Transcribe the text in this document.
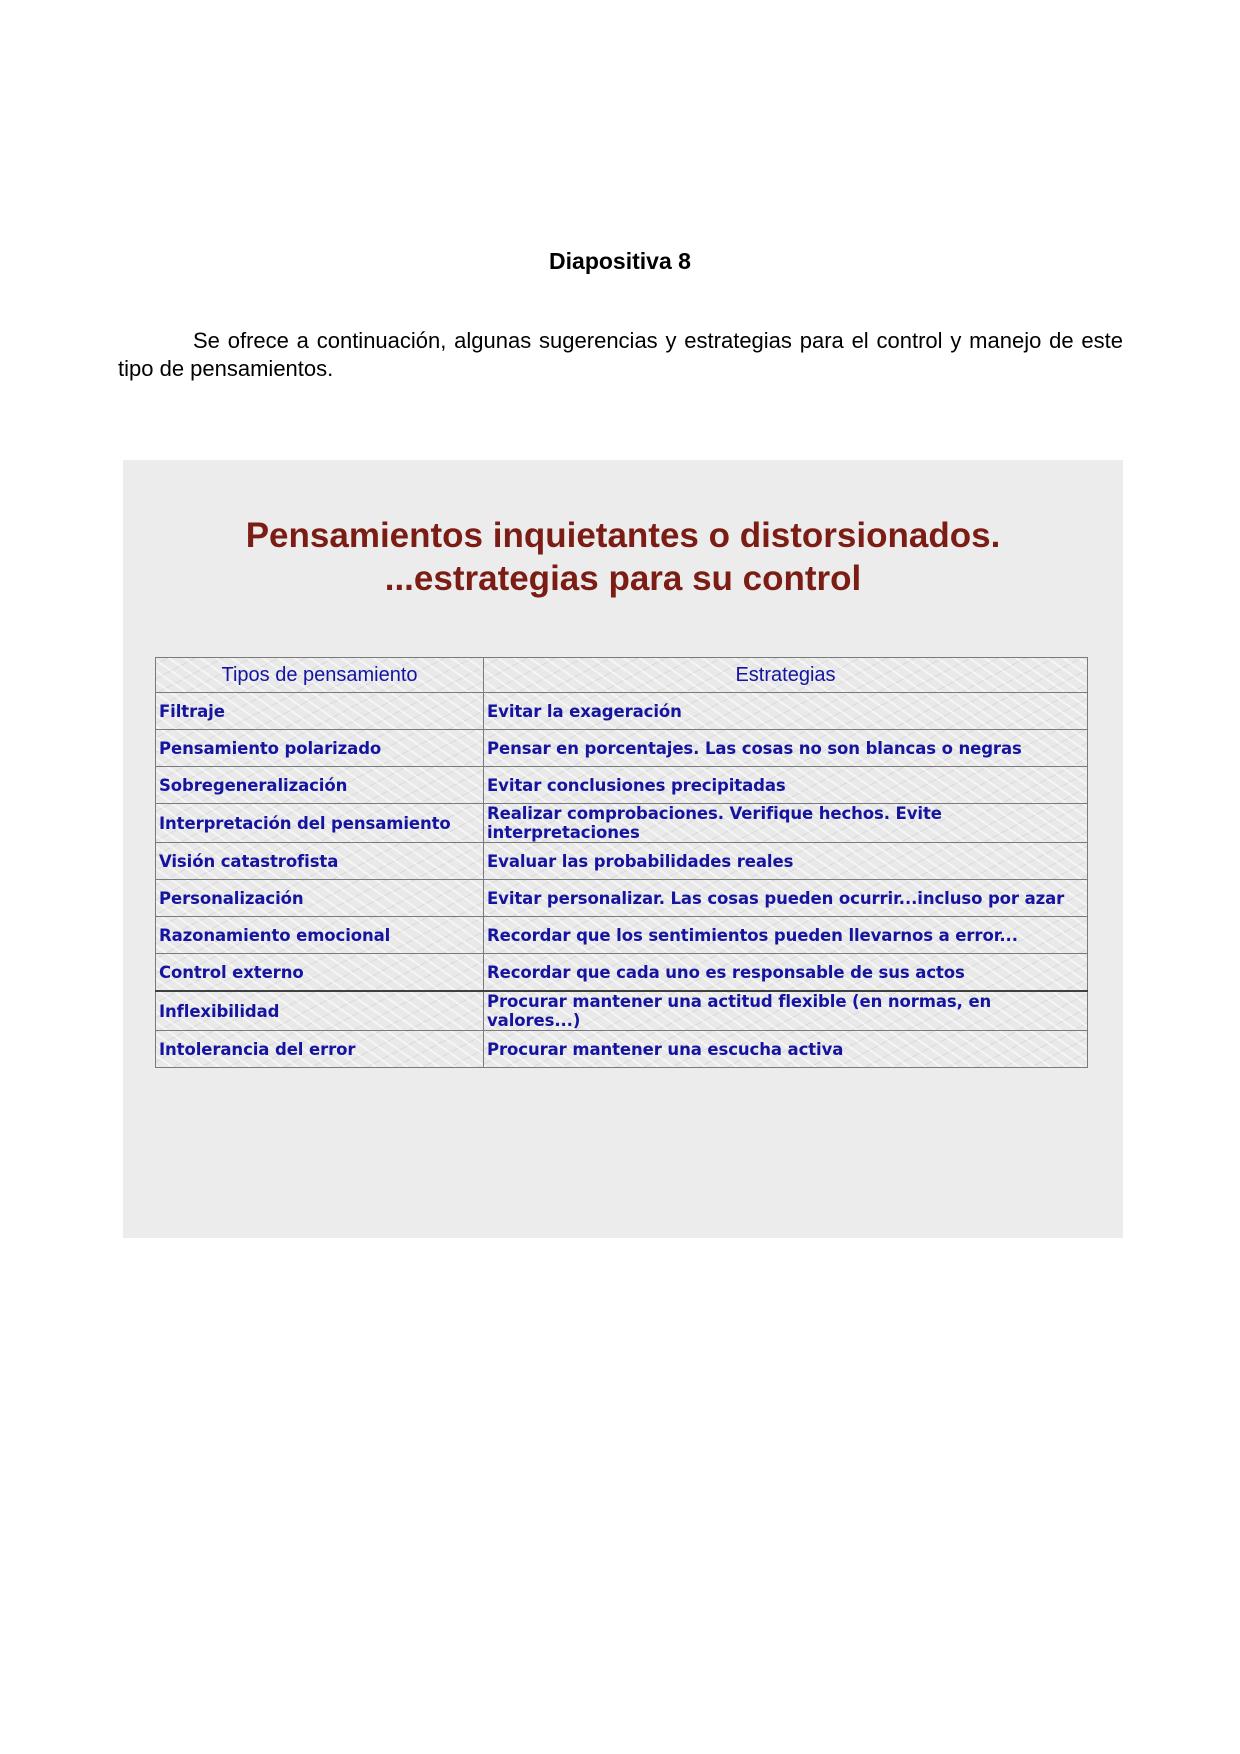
Diapositiva 8

Se ofrece a continuación, algunas sugerencias y estrategias para el control y manejo de este tipo de pensamientos.

Pensamientos inquietantes o distorsionados.
...estrategias para su control
Tipos de pensamiento	Estrategias
Filtraje	Evitar la exageración
Pensamiento polarizado	Pensar en porcentajes. Las cosas no son blancas o negras
Sobregeneralización	Evitar conclusiones precipitadas
Interpretación del pensamiento	Realizar comprobaciones. Verifique hechos. Evite interpretaciones
Visión catastrofista	Evaluar las probabilidades reales
Personalización	Evitar personalizar. Las cosas pueden ocurrir...incluso por azar
Razonamiento emocional	Recordar que los sentimientos pueden llevarnos a error...
Control externo	Recordar que cada uno es responsable de sus actos
Inflexibilidad	Procurar mantener una actitud flexible (en normas, en valores...)
Intolerancia del error	Procurar mantener una escucha activa
